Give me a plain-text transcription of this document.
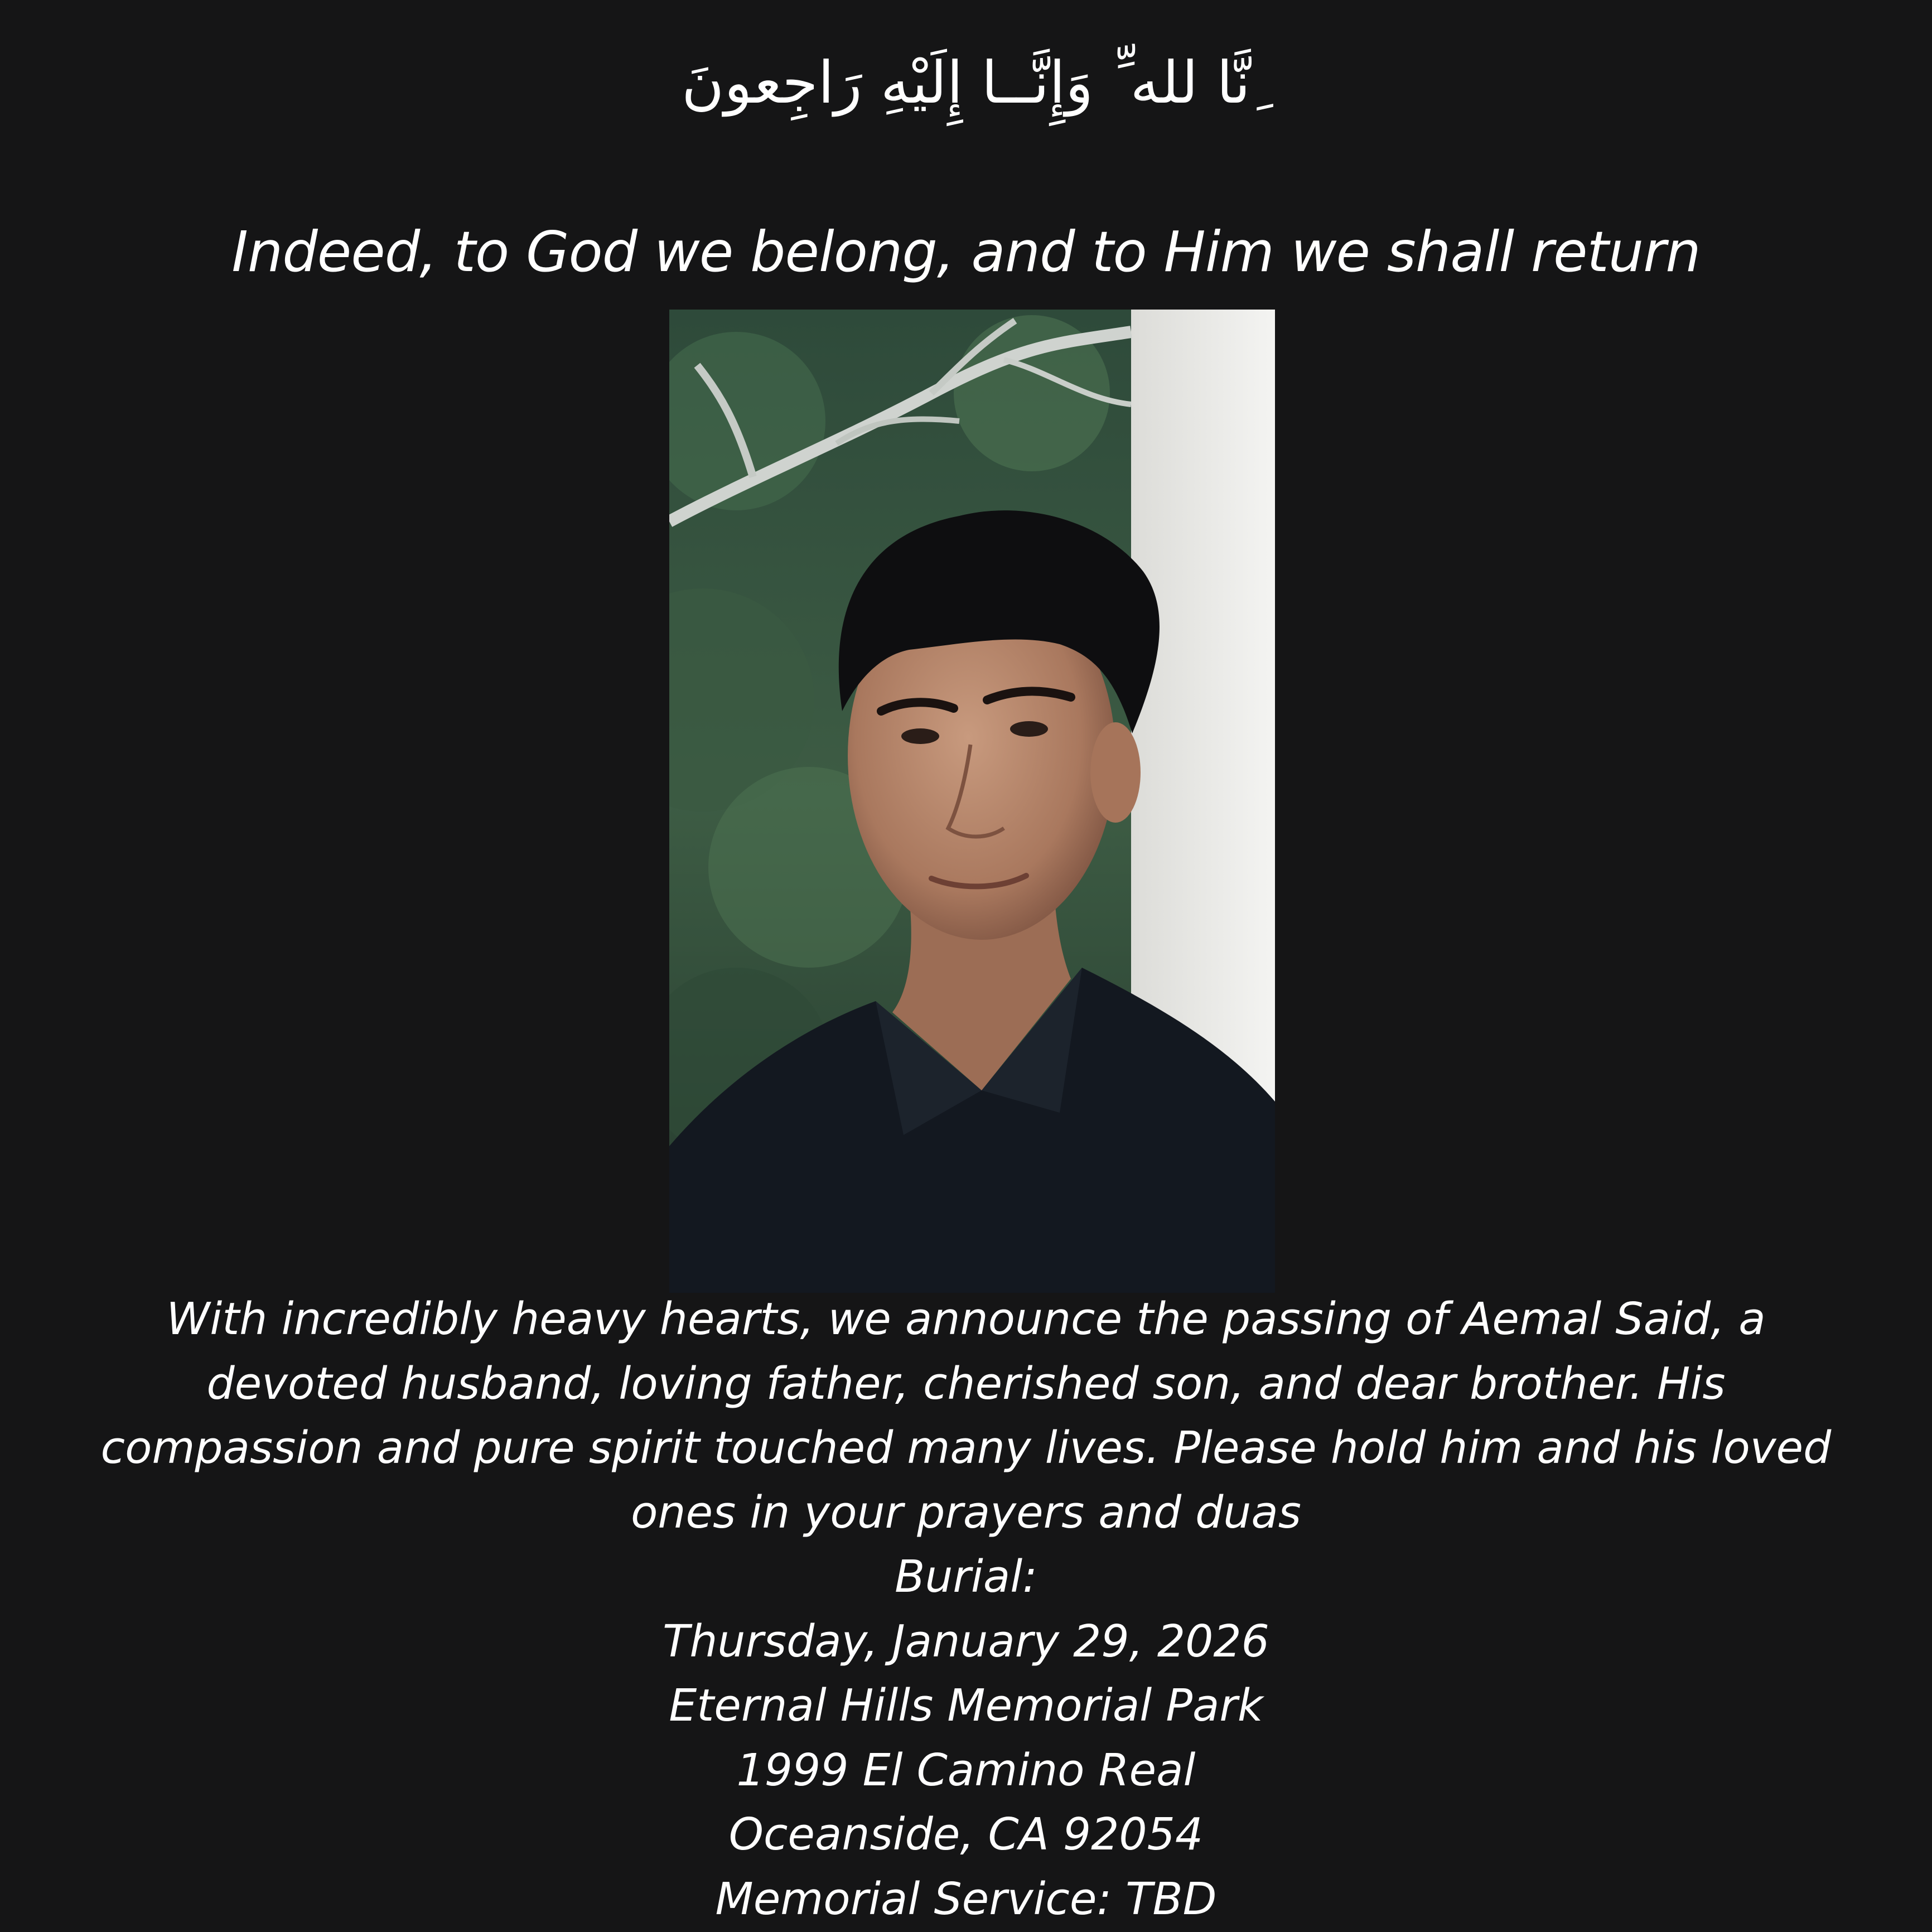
ِنَّا لله ِّ وَإِنَّــا إِلَيْهِ رَاجِعونَ
Indeed, to God we belong, and to Him we shall return

With incredibly heavy hearts, we announce the passing of Aemal Said, a devoted husband, loving father, cherished son, and dear brother. His compassion and pure spirit touched many lives. Please hold him and his loved ones in your prayers and duas

Burial:
Thursday, January 29, 2026
Eternal Hills Memorial Park
1999 El Camino Real
Oceanside, CA 92054
Memorial Service: TBD
